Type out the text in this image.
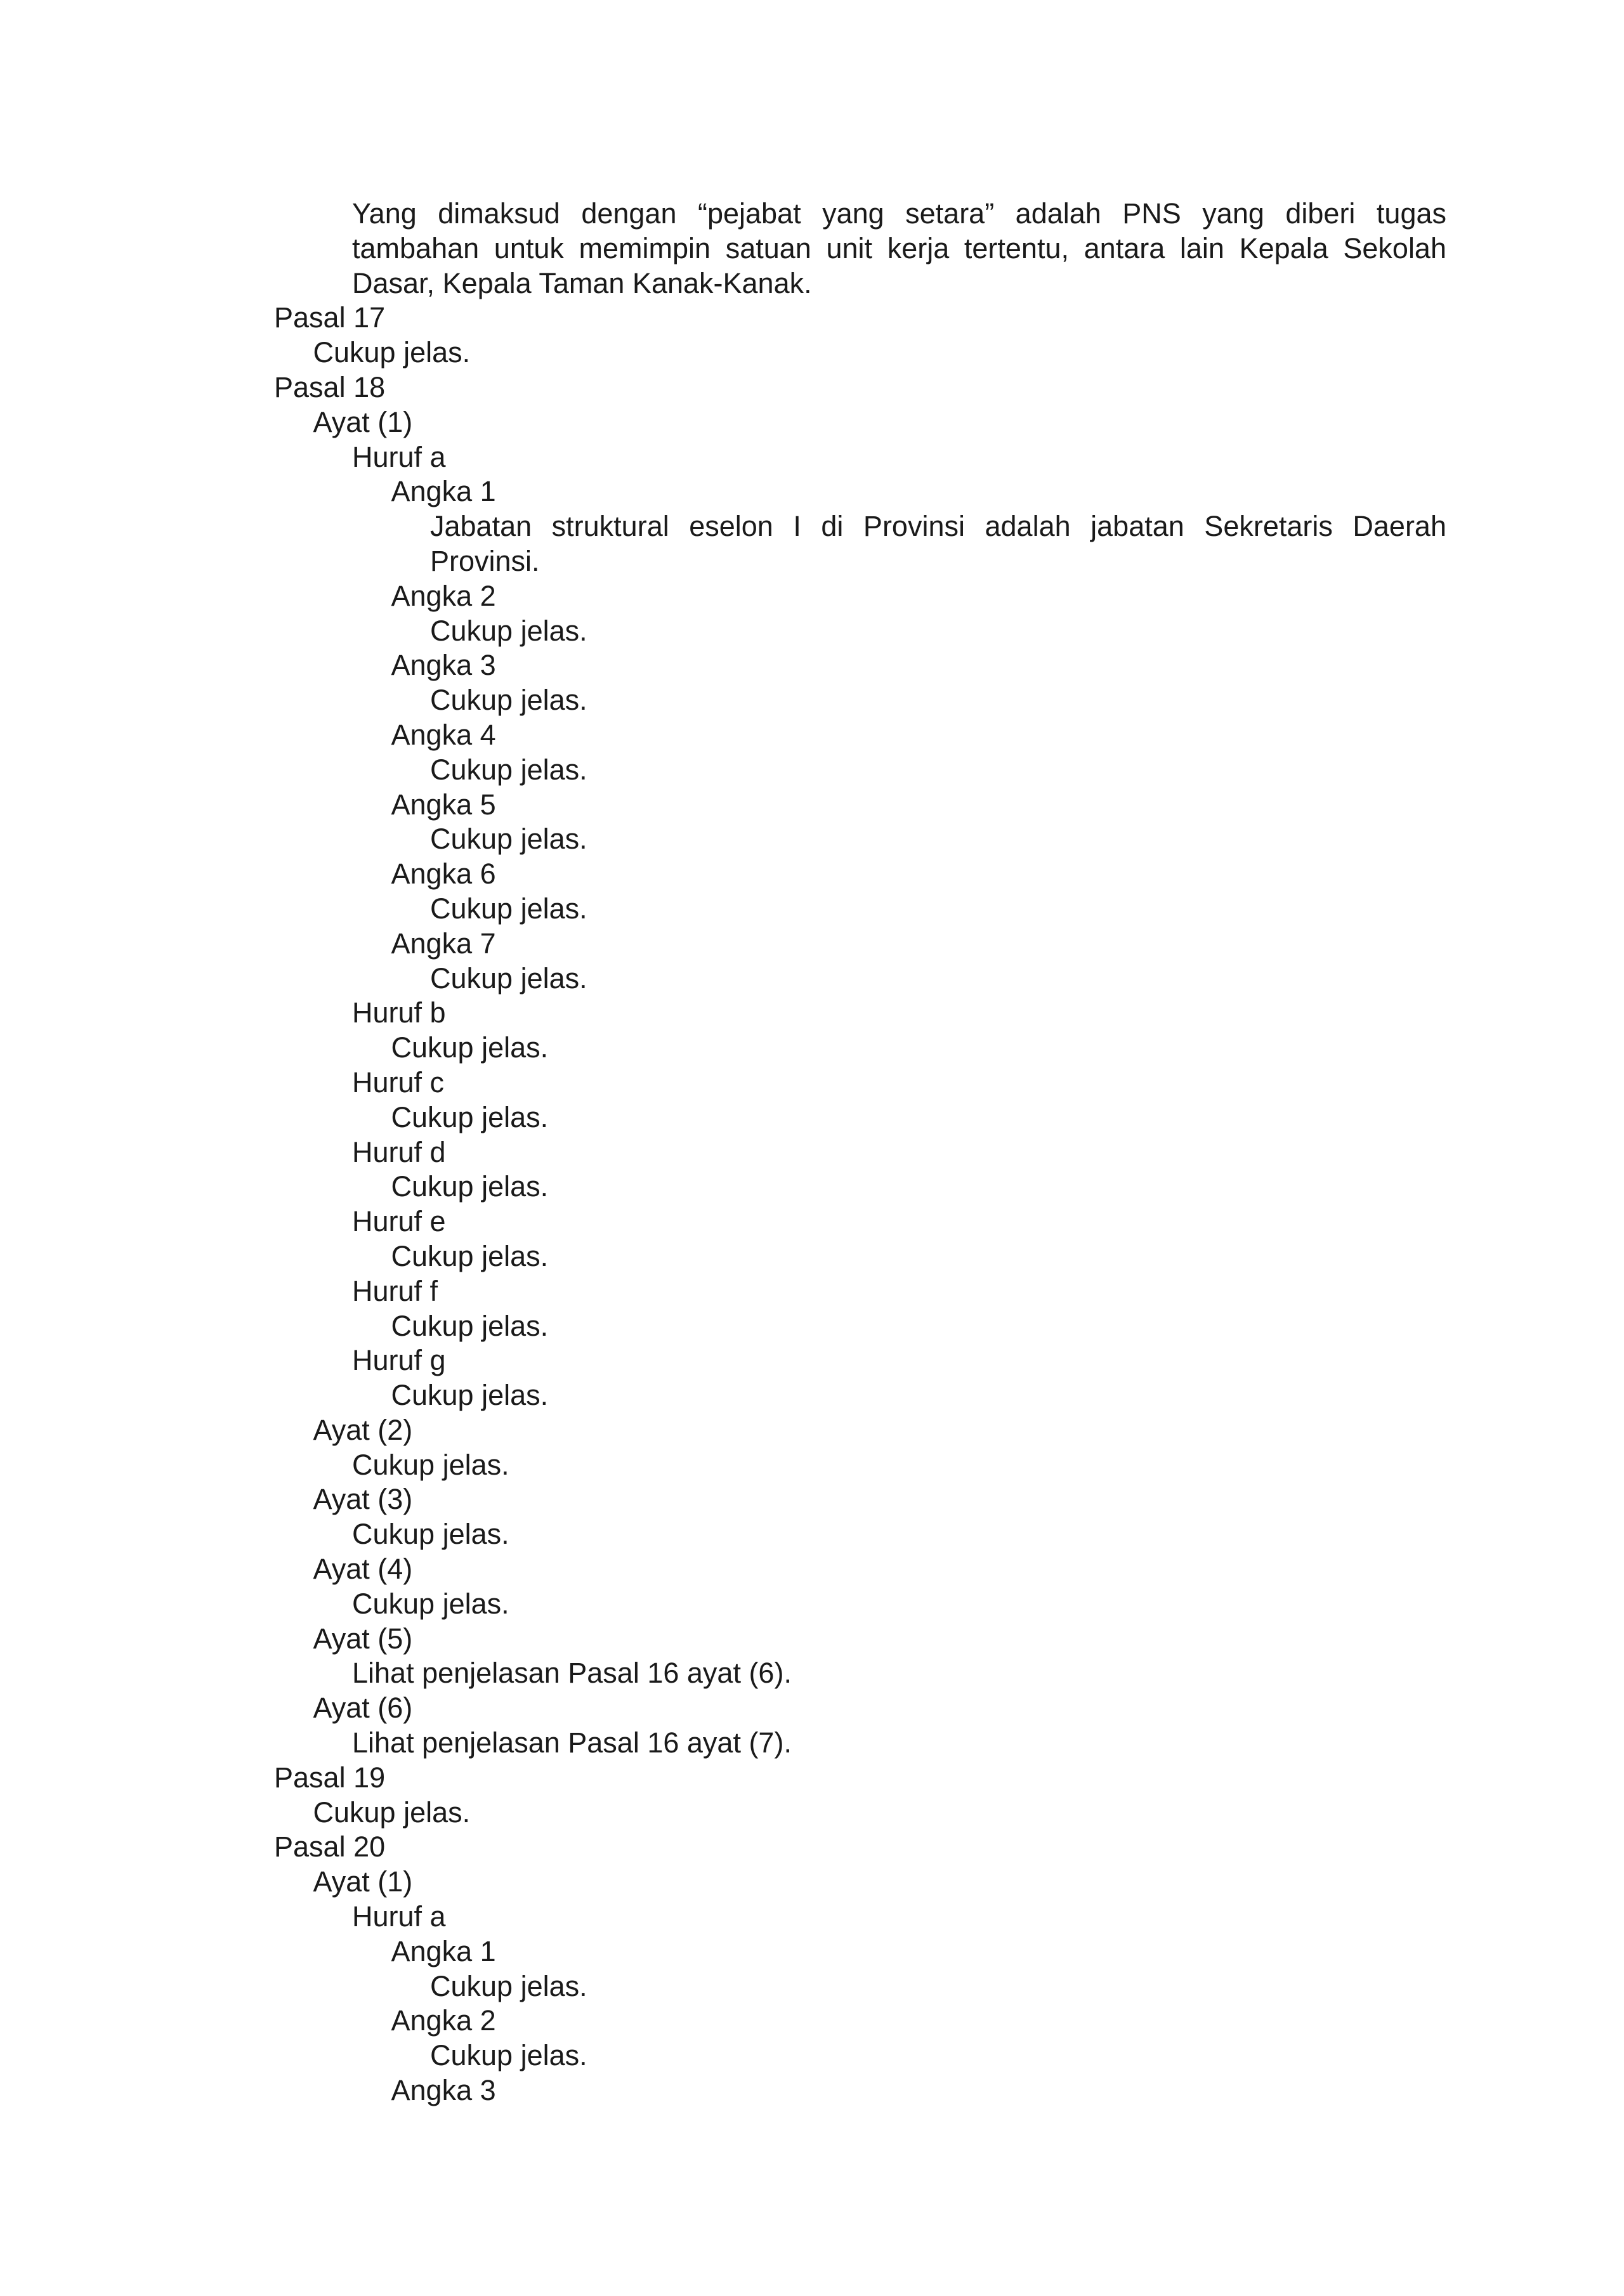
Yang dimaksud dengan “pejabat yang setara” adalah PNS yang diberi tugas
tambahan untuk memimpin satuan unit kerja tertentu, antara lain Kepala Sekolah
Dasar, Kepala Taman Kanak-Kanak.
Pasal 17
Cukup jelas.
Pasal 18
Ayat (1)
Huruf a
Angka 1
Jabatan struktural eselon I di Provinsi adalah jabatan Sekretaris Daerah
Provinsi.
Angka 2
Cukup jelas.
Angka 3
Cukup jelas.
Angka 4
Cukup jelas.
Angka 5
Cukup jelas.
Angka 6
Cukup jelas.
Angka 7
Cukup jelas.
Huruf b
Cukup jelas.
Huruf c
Cukup jelas.
Huruf d
Cukup jelas.
Huruf e
Cukup jelas.
Huruf f
Cukup jelas.
Huruf g
Cukup jelas.
Ayat (2)
Cukup jelas.
Ayat (3)
Cukup jelas.
Ayat (4)
Cukup jelas.
Ayat (5)
Lihat penjelasan Pasal 16 ayat (6).
Ayat (6)
Lihat penjelasan Pasal 16 ayat (7).
Pasal 19
Cukup jelas.
Pasal 20
Ayat (1)
Huruf a
Angka 1
Cukup jelas.
Angka 2
Cukup jelas.
Angka 3
